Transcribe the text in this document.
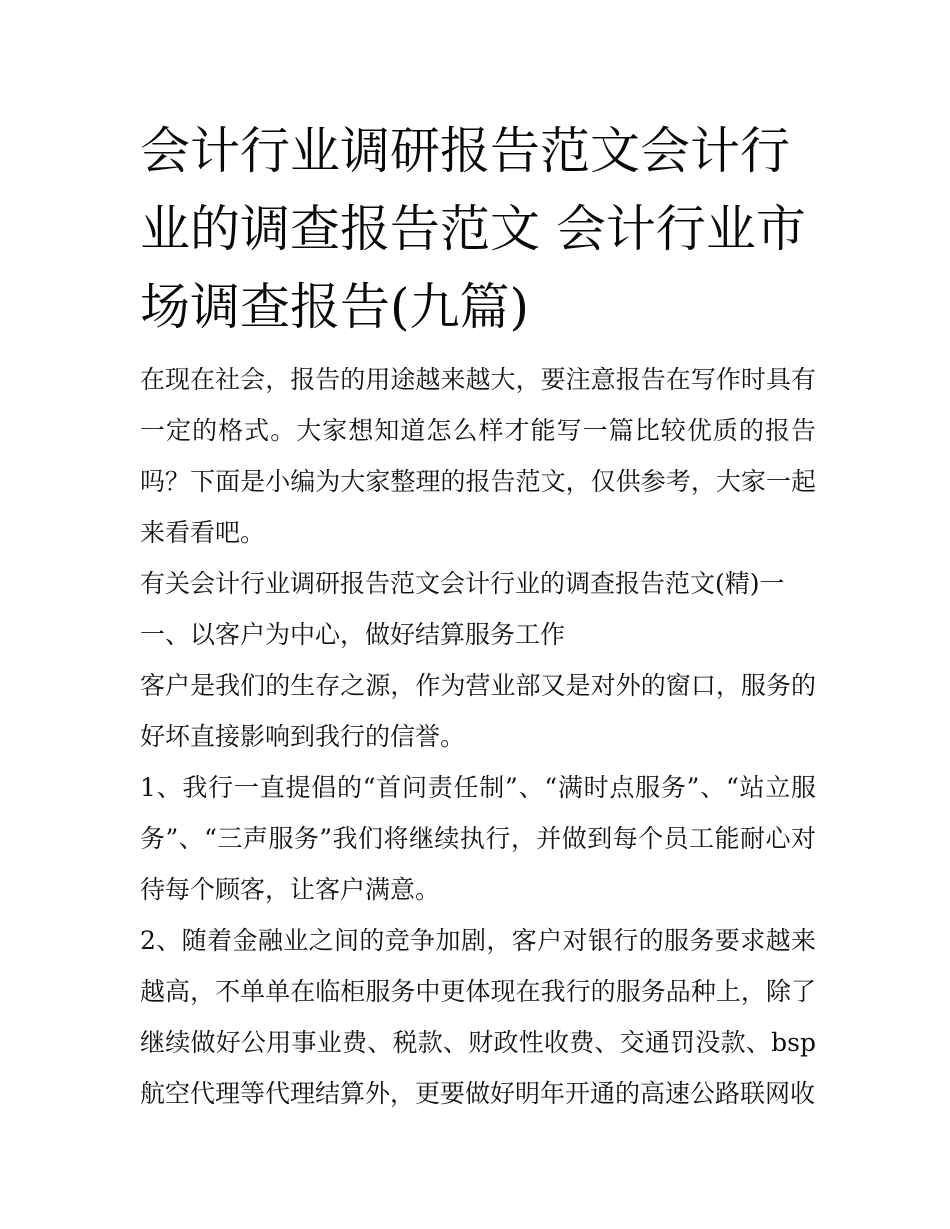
会计行业调研报告范文会计行业的调查报告范文 会计行业市场调查报告(九篇)

在现在社会，报告的用途越来越大，要注意报告在写作时具有一定的格式。大家想知道怎么样才能写一篇比较优质的报告吗？下面是小编为大家整理的报告范文，仅供参考，大家一起来看看吧。

有关会计行业调研报告范文会计行业的调查报告范文(精)一

一、以客户为中心，做好结算服务工作

客户是我们的生存之源，作为营业部又是对外的窗口，服务的好坏直接影响到我行的信誉。

1、我行一直提倡的“首问责任制”、“满时点服务”、“站立服务”、“三声服务”我们将继续执行，并做到每个员工能耐心对待每个顾客，让客户满意。

2、随着金融业之间的竞争加剧，客户对银行的服务要求越来越高，不单单在临柜服务中更体现在我行的服务品种上，除了继续做好公用事业费、税款、财政性收费、交通罚没款、bsp航空代理等代理结算外，更要做好明年开通的高速公路联网收
